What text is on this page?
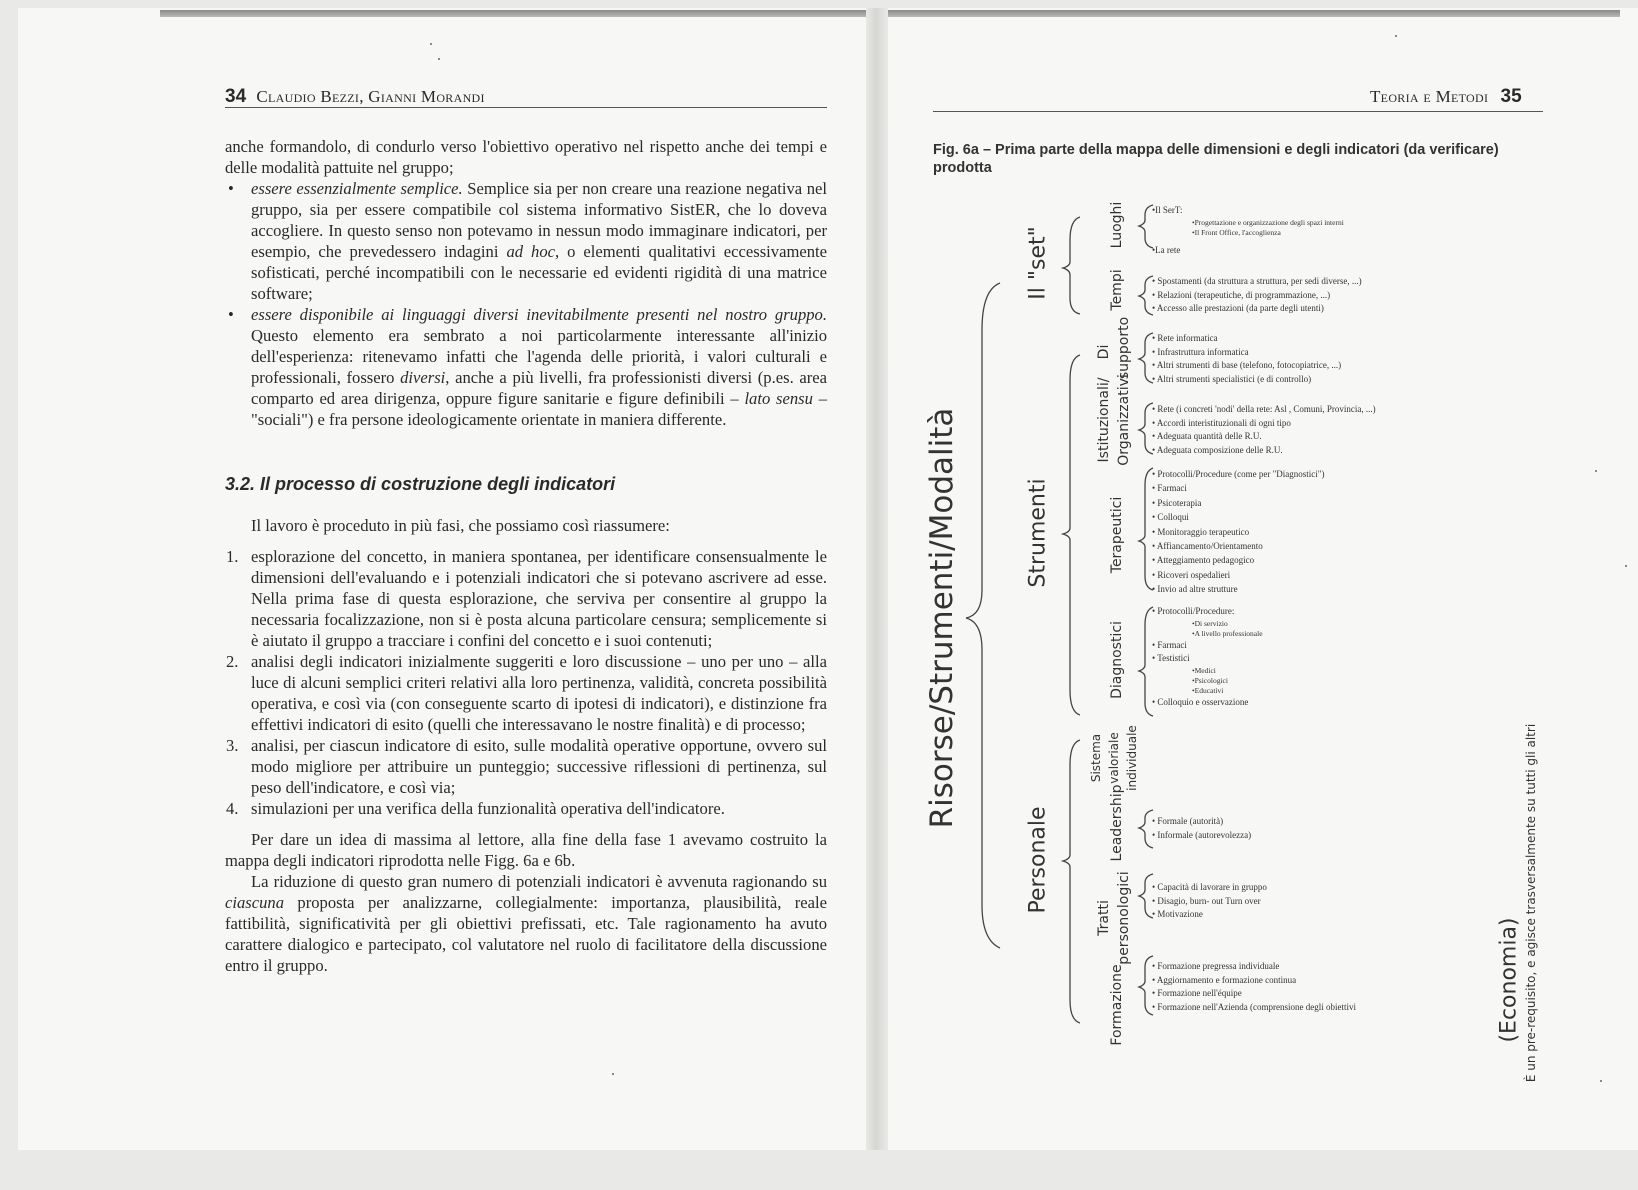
34 Claudio Bezzi, Gianni Morandi

anche formandolo, di condurlo verso l'obiettivo operativo nel rispetto anche dei tempi e delle modalità pattuite nel gruppo;

• essere essenzialmente semplice. Semplice sia per non creare una reazione negativa nel gruppo, sia per essere compatibile col sistema informativo SistER, che lo doveva accogliere. In questo senso non potevamo in nessun modo immaginare indicatori, per esempio, che prevedessero indagini ad hoc, o elementi qualitativi eccessivamente sofisticati, perché incompatibili con le necessarie ed evidenti rigidità di una matrice software;

• essere disponibile ai linguaggi diversi inevitabilmente presenti nel nostro gruppo. Questo elemento era sembrato a noi particolarmente interessante all'inizio dell'esperienza: ritenevamo infatti che l'agenda delle priorità, i valori culturali e professionali, fossero diversi, anche a più livelli, fra professionisti diversi (p.es. area comparto ed area dirigenza, oppure figure sanitarie e figure definibili – lato sensu – "sociali") e fra persone ideologicamente orientate in maniera differente.

3.2. Il processo di costruzione degli indicatori

Il lavoro è proceduto in più fasi, che possiamo così riassumere:

1. esplorazione del concetto, in maniera spontanea, per identificare consensualmente le dimensioni dell'evaluando e i potenziali indicatori che si potevano ascrivere ad esse. Nella prima fase di questa esplorazione, che serviva per consentire al gruppo la necessaria focalizzazione, non si è posta alcuna particolare censura; semplicemente si è aiutato il gruppo a tracciare i confini del concetto e i suoi contenuti;

2. analisi degli indicatori inizialmente suggeriti e loro discussione – uno per uno – alla luce di alcuni semplici criteri relativi alla loro pertinenza, validità, concreta possibilità operativa, e così via (con conseguente scarto di ipotesi di indicatori), e distinzione fra effettivi indicatori di esito (quelli che interessavano le nostre finalità) e di processo;

3. analisi, per ciascun indicatore di esito, sulle modalità operative opportune, ovvero sul modo migliore per attribuire un punteggio; successive riflessioni di pertinenza, sul peso dell'indicatore, e così via;

4. simulazioni per una verifica della funzionalità operativa dell'indicatore.

Per dare un idea di massima al lettore, alla fine della fase 1 avevamo costruito la mappa degli indicatori riprodotta nelle Figg. 6a e 6b.

La riduzione di questo gran numero di potenziali indicatori è avvenuta ragionando su ciascuna proposta per analizzarne, collegialmente: importanza, plausibilità, reale fattibilità, significatività per gli obiettivi prefissati, etc. Tale ragionamento ha avuto carattere dialogico e partecipato, col valutatore nel ruolo di facilitatore della discussione entro il gruppo.

Teoria e Metodi 35
Fig. 6a – Prima parte della mappa delle dimensioni e degli indicatori (da verificare) prodotta
Risorse/Strumenti/Modalità
Il "set"
Strumenti
Personale
Luoghi
Tempi
Di supporto
Istituzionali/ Organizzativi
Terapeutici
Diagnostici
Sistema valoriale individuale
Leadership
Tratti personologici
Formazione	(Economia) È un pre-requisito, e agisce trasversalmente su tutti gli altri
•Il SerT:
•Progettazione e organizzazione degli spazi interni
•Il Front Office, l'accoglienza
•La rete
• Spostamenti (da struttura a struttura, per sedi diverse, ...)
• Relazioni (terapeutiche, di programmazione, ...)
• Accesso alle prestazioni (da parte degli utenti)
• Rete informatica
• Infrastruttura informatica
• Altri strumenti di base (telefono, fotocopiatrice, ...)
• Altri strumenti specialistici (e di controllo)
• Rete (i concreti 'nodi' della rete: Asl , Comuni, Provincia, ...)
• Accordi interistituzionali di ogni tipo
• Adeguata quantità delle R.U.
• Adeguata composizione delle R.U.
• Protocolli/Procedure (come per "Diagnostici")
• Farmaci
• Psicoterapia
• Colloqui
• Monitoraggio terapeutico
• Affiancamento/Orientamento
• Atteggiamento pedagogico
• Ricoveri ospedalieri
• Invio ad altre strutture
• Protocolli/Procedure:
•Di servizio
•A livello professionale
• Farmaci
• Testistici
•Medici
•Psicologici
•Educativi
• Colloquio e osservazione
• Formale (autorità)
• Informale (autorevolezza)
• Capacità di lavorare in gruppo
• Disagio, burn- out Turn over
• Motivazione
• Formazione pregressa individuale
• Aggiornamento e formazione continua
• Formazione nell'équipe
• Formazione nell'Azienda (comprensione degli obiettivi
